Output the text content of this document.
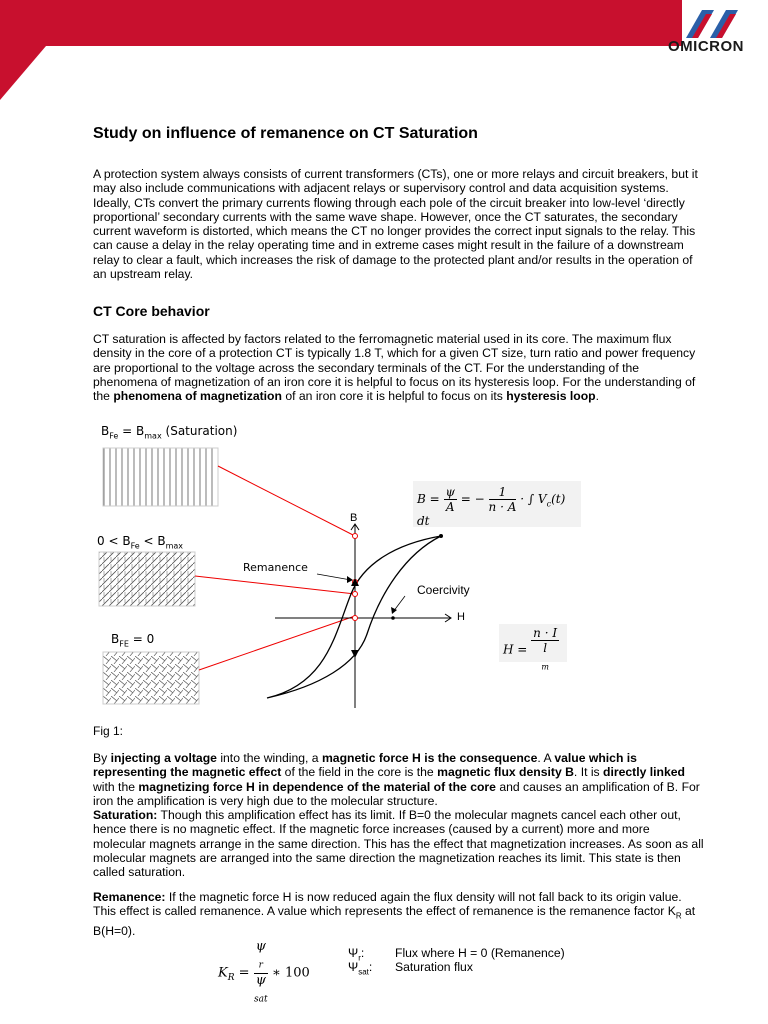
OMICRON
Study on influence of remanence on CT Saturation
A protection system always consists of current transformers (CTs), one or more relays and circuit breakers, but it may also include communications with adjacent relays or supervisory control and data acquisition systems. Ideally, CTs convert the primary currents flowing through each pole of the circuit breaker into low-level ‘directly proportional’ secondary currents with the same wave shape. However, once the CT saturates, the secondary current waveform is distorted, which means the CT no longer provides the correct input signals to the relay. This can cause a delay in the relay operating time and in extreme cases might result in the failure of a downstream relay to clear a fault, which increases the risk of damage to the protected plant and/or results in the operation of an upstream relay.
CT Core behavior
CT saturation is affected by factors related to the ferromagnetic material used in its core. The maximum flux density in the core of a protection CT is typically 1.8 T, which for a given CT size, turn ratio and power frequency are proportional to the voltage across the secondary terminals of the CT. For the understanding of the phenomena of magnetization of an iron core it is helpful to focus on its hysteresis loop. For the understanding of the phenomena of magnetization of an iron core it is helpful to focus on its hysteresis loop.
$B_{Fe} = B_{max}$ (Saturation)
$0 < B_{Fe} < B_{max}$
$B_{FE} = 0$
B
H
Remanence
Coercivity
$B = \frac{\psi}{A}$ = − $\frac{1}{n \cdot A}$ · ∫ $V_c(t)$ dt
H = n · I
l
$_m$
Fig 1:
By injecting a voltage into the winding, a magnetic force H is the consequence. A value which is representing the magnetic effect of the field in the core is the magnetic flux density B. It is directly linked with the magnetizing force H in dependence of the material of the core and causes an amplification of B. For iron the amplification is very high due to the molecular structure.
Saturation: Though this amplification effect has its limit. If B=0 the molecular magnets cancel each other out, hence there is no magnetic effect. If the magnetic force increases (caused by a current) more and more molecular magnets arrange in the same direction. This has the effect that magnetization increases. As soon as all molecular magnets are arranged into the same direction the magnetization reaches its limit. This state is then called saturation.
Remanence: If the magnetic force H is now reduced again the flux density will not fall back to its origin value. This effect is called remanence. A value which represents the effect of remanence is the remanence factor $K_R$ at B(H=0).
$K_R = \psi$
$_r$
ψ
$_{sat}$ ∗ 100
$\Psi_r$:	Flux where H = 0 (Remanence)
$\Psi_{sat}$: Saturation flux
